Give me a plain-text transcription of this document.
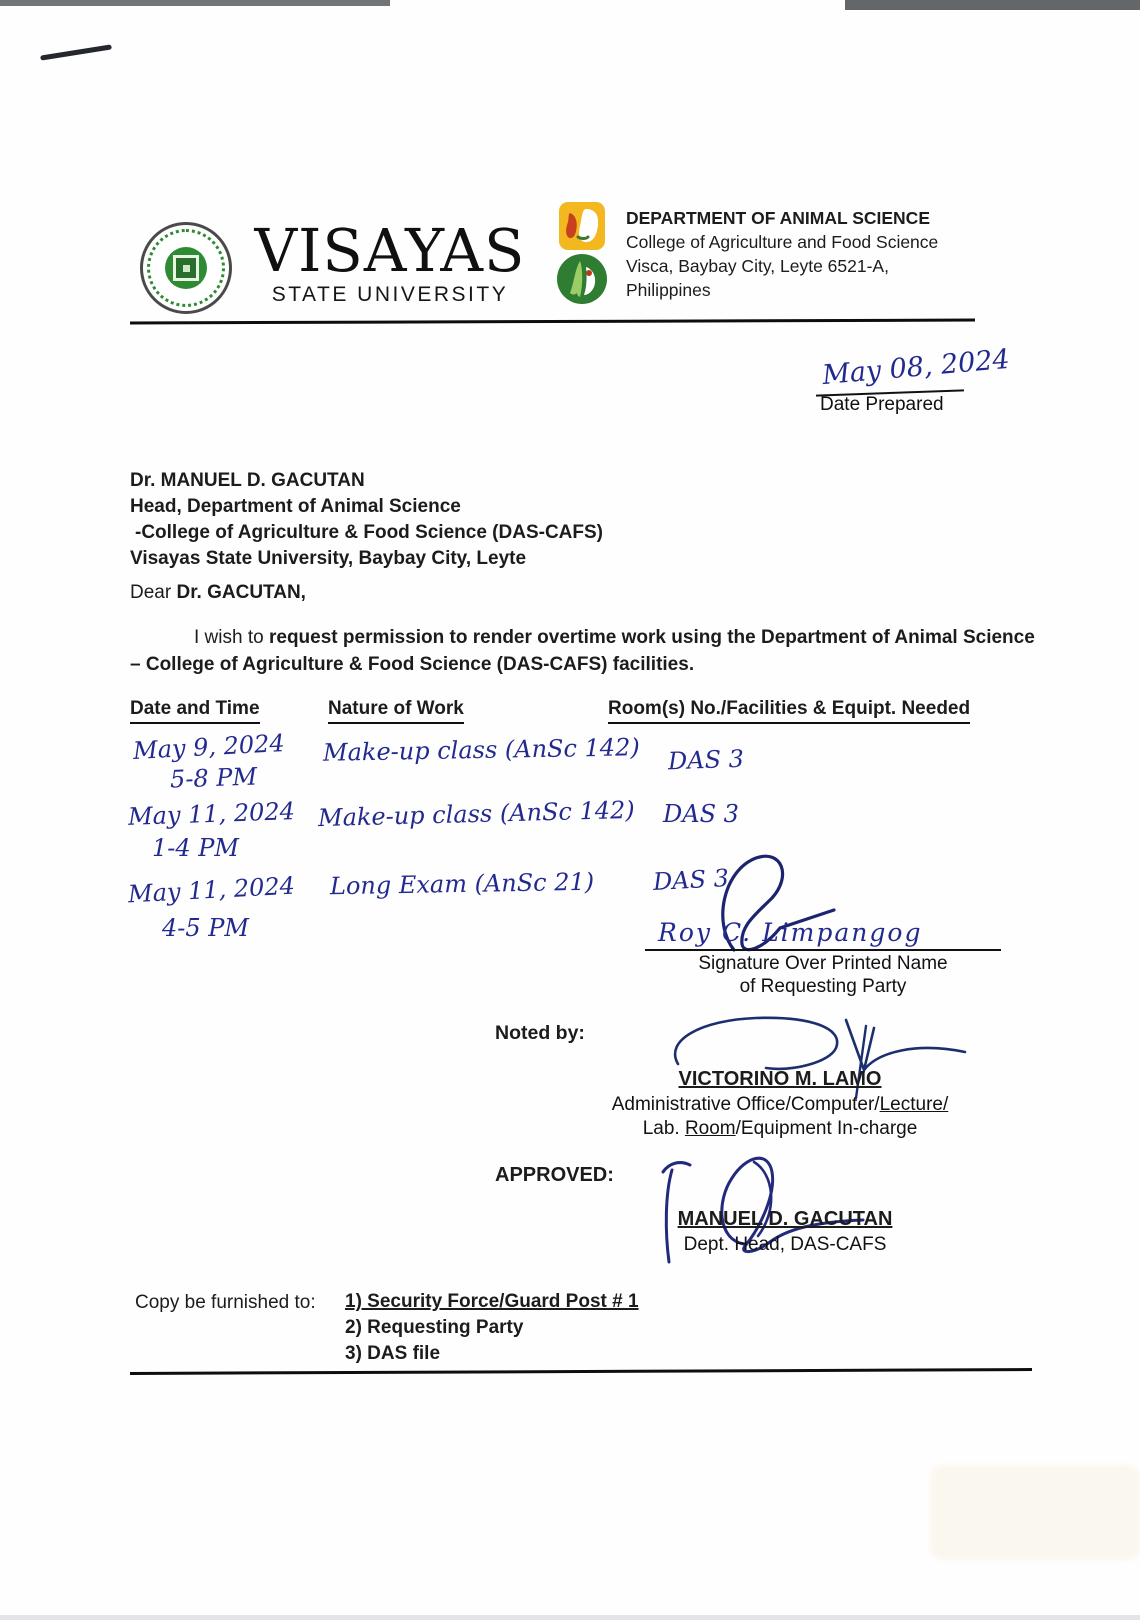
VISAYAS
STATE UNIVERSITY
DEPARTMENT OF ANIMAL SCIENCE
College of Agriculture and Food Science
Visca, Baybay City, Leyte 6521-A,
Philippines
May 08, 2024
Date Prepared
Dr. MANUEL D. GACUTAN
Head, Department of Animal Science
-College of Agriculture & Food Science (DAS-CAFS)
Visayas State University, Baybay City, Leyte
Dear Dr. GACUTAN,

I wish to request permission to render overtime work using the Department of Animal Science – College of Agriculture & Food Science (DAS-CAFS) facilities.

Date and Time	Nature of Work	Room(s) No./Facilities & Equipt. Needed
May 9, 2024
5-8 PM
Make-up class (AnSc 142) DAS 3
May 11, 2024
1-4 PM
Make-up class (AnSc 142) DAS 3
May 11, 2024
4-5 PM
Long Exam (AnSc 21) DAS 3
Roy C. Limpangog
Signature Over Printed Name
of Requesting Party
Noted by:
VICTORINO M. LAMO
Administrative Office/Computer/Lecture/
Lab. Room/Equipment In-charge
APPROVED:
MANUEL D. GACUTAN
Dept. Head, DAS-CAFS
Copy be furnished to: 1) Security Force/Guard Post # 1
2) Requesting Party
3) DAS file
